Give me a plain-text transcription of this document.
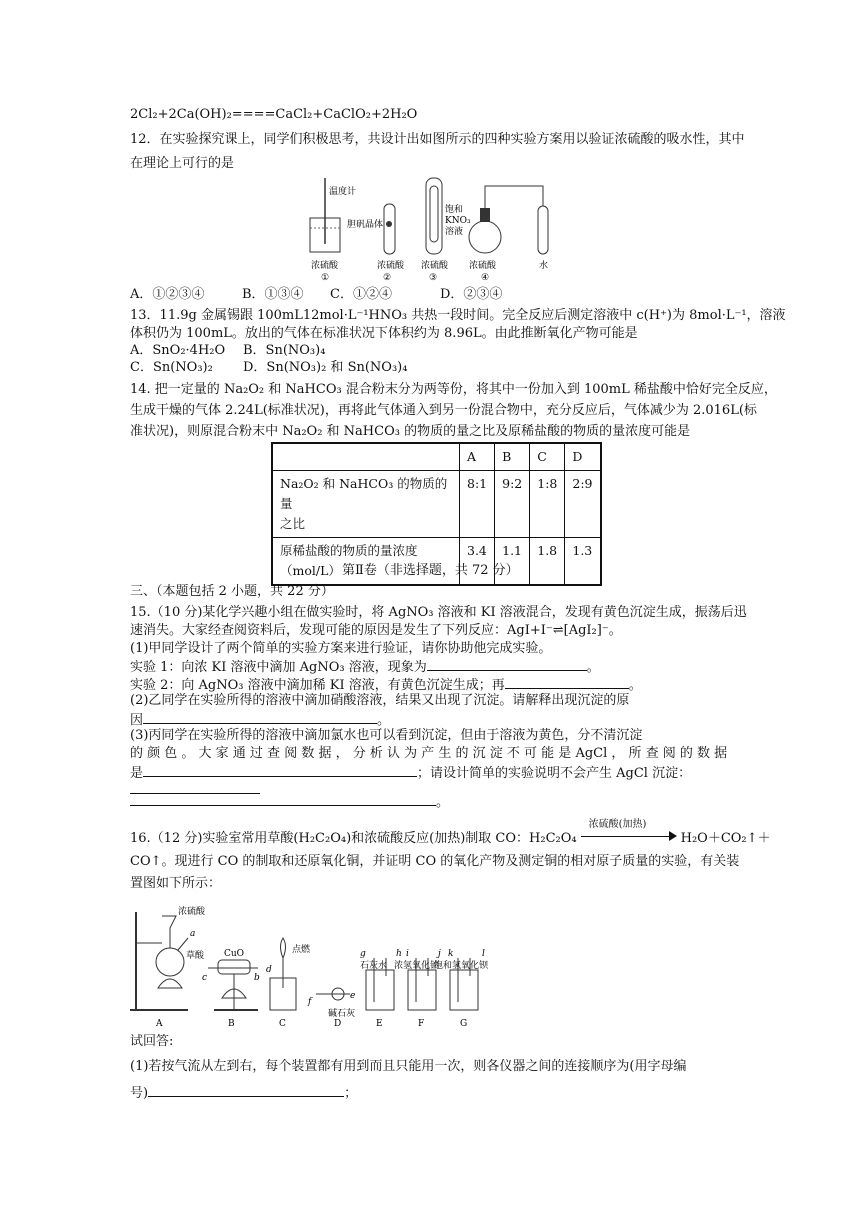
2Cl₂+2Ca(OH)₂====CaCl₂+CaClO₂+2H₂O
12．在实验探究课上，同学们积极思考，共设计出如图所示的四种实验方案用以验证浓硫酸的吸水性，其中
在理论上可行的是
温度计
胆矾晶体
饱和
KNO₃
溶液
浓硫酸	浓硫酸 浓硫酸 浓硫酸	水
①	②	③	④
A．①②③④	B．①③④ C．①②④	D．②③④
13．11.9g 金属锡跟 100mL12mol·L⁻¹HNO₃ 共热一段时间。完全反应后测定溶液中 c(H⁺)为 8mol·L⁻¹，溶液
体积仍为 100mL。放出的气体在标准状况下体积约为 8.96L。由此推断氧化产物可能是
A．SnO₂·4H₂O B．Sn(NO₃)₄
C．Sn(NO₃)₂ D．Sn(NO₃)₂ 和 Sn(NO₃)₄
14. 把一定量的 Na₂O₂ 和 NaHCO₃ 混合粉末分为两等份，将其中一份加入到 100mL 稀盐酸中恰好完全反应，
生成干燥的气体 2.24L(标准状况)，再将此气体通入到另一份混合物中，充分反应后，气体减少为 2.016L(标
准状况)，则原混合粉末中 Na₂O₂ 和 NaHCO₃ 的物质的量之比及原稀盐酸的物质的量浓度可能是
	A	B	C	D
Na₂O₂ 和 NaHCO₃ 的物质的量
之比	8:1	9:2	1:8	2:9
原稀盐酸的物质的量浓度
（mol/L）	3.4	1.1	1.8	1.3
第Ⅱ卷（非选择题，共 72 分）
三、（本题包括 2 小题，共 22 分）
15.（10 分)某化学兴趣小组在做实验时，将 AgNO₃ 溶液和 KI 溶液混合，发现有黄色沉淀生成，振荡后迅
速消失。大家经查阅资料后，发现可能的原因是发生了下列反应：AgI+I⁻⇌[AgI₂]⁻。
(1)甲同学设计了两个简单的实验方案来进行验证，请你协助他完成实验。
实验 1：向浓 KI 溶液中滴加 AgNO₃ 溶液，现象为	。
实验 2：向 AgNO₃ 溶液中滴加稀 KI 溶液，有黄色沉淀生成；再	。
(2)乙同学在实验所得的溶液中滴加硝酸溶液，结果又出现了沉淀。请解释出现沉淀的原
因	。
(3)丙同学在实验所得的溶液中滴加氯水也可以看到沉淀，但由于溶液为黄色，分不清沉淀
的 颜 色 。 大 家 通 过 查 阅 数 据 ， 分 析 认 为 产 生 的 沉 淀 不 可 能 是 AgCl ， 所 查 阅 的 数 据
是	；请设计简单的实验说明不会产生 AgCl 沉淀：
。
16.（12 分)实验室常用草酸(H₂C₂O₄)和浓硫酸反应(加热)制取 CO：H₂C₂O₄
浓硫酸(加热)
H₂O＋CO₂↑＋
CO↑。现进行 CO 的制取和还原氧化铜，并证明 CO 的氧化产物及测定铜的相对原子质量的实验，有关装
置图如下所示：
浓硫酸
a
草酸 CuO
c	b
d
点燃
f
e
碱石灰
g	h i	j k	l
石灰水 浓氢氧化钠
饱和氢氧化钡
A	B	C	D	E	F	G
试回答:
(1)若按气流从左到右，每个装置都有用到而且只能用一次，则各仪器之间的连接顺序为(用字母编
号)	；
